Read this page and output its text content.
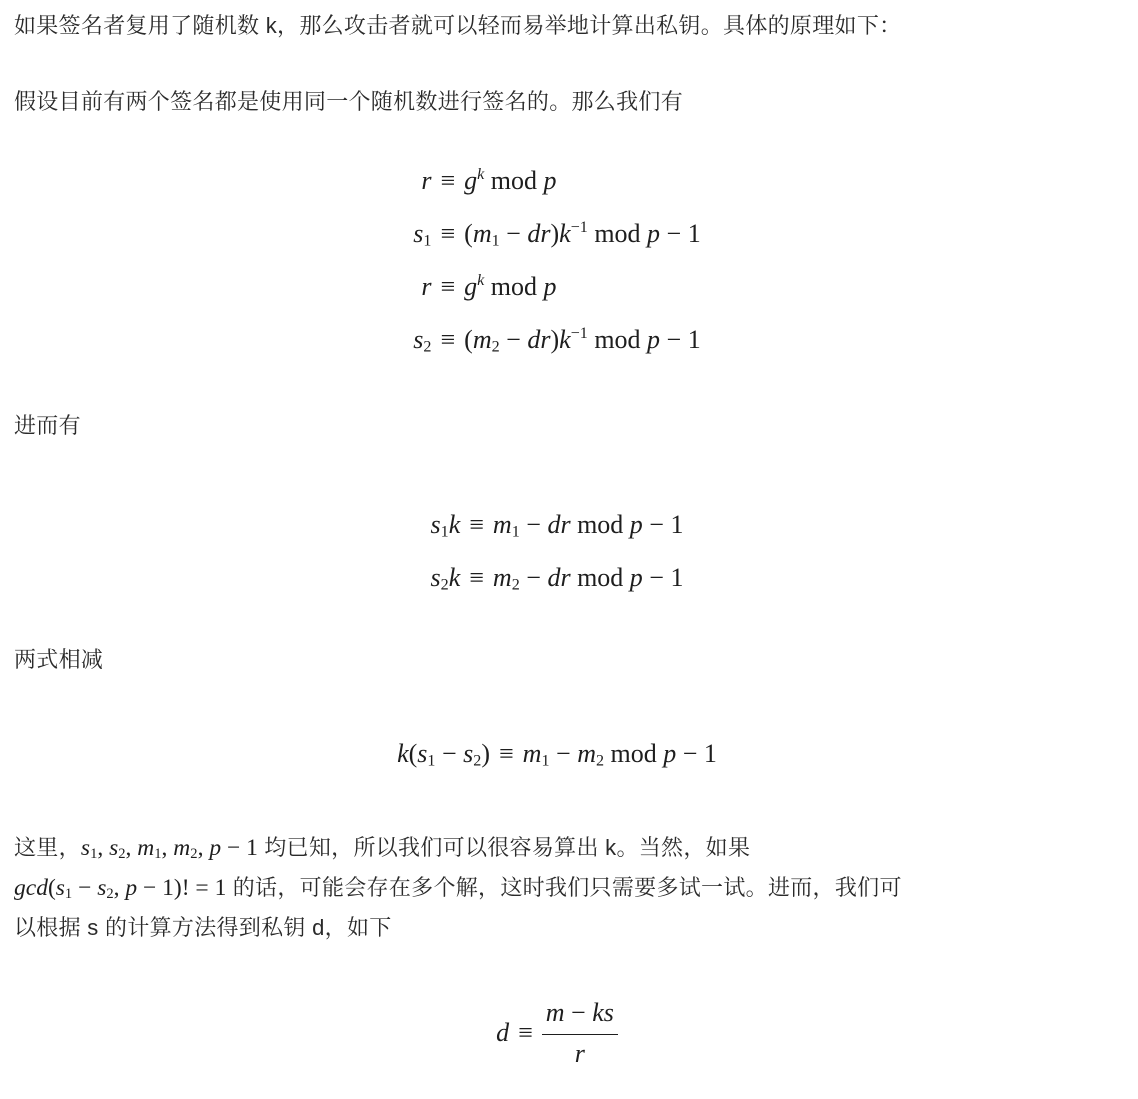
如果签名者复用了随机数 k，那么攻击者就可以轻而易举地计算出私钥。具体的原理如下：

假设目前有两个签名都是使用同一个随机数进行签名的。那么我们有

$r \equiv g^k$ mod p
$s1 \equiv (m1 - dr)k^{-1}$ mod p − 1
$r \equiv g^k$ mod p
$s2 \equiv (m2 - dr)k^{-1}$ mod p − 1

进而有

s1k ≡ m1 − dr mod p − 1
s2k ≡ m2 − dr mod p − 1

两式相减

k(s1 − s2) ≡ m1 − m2 mod p − 1
这里，s1, s2, m1, m2, p − 1 均已知，所以我们可以很容易算出 k。当然，如果
gcd(s1 − s2, p − 1)! = 1 的话，可能会存在多个解，这时我们只需要多试一试。进而，我们可
以根据 s 的计算方法得到私钥 d，如下
$d \equiv \frac{m - ks}{r}$
